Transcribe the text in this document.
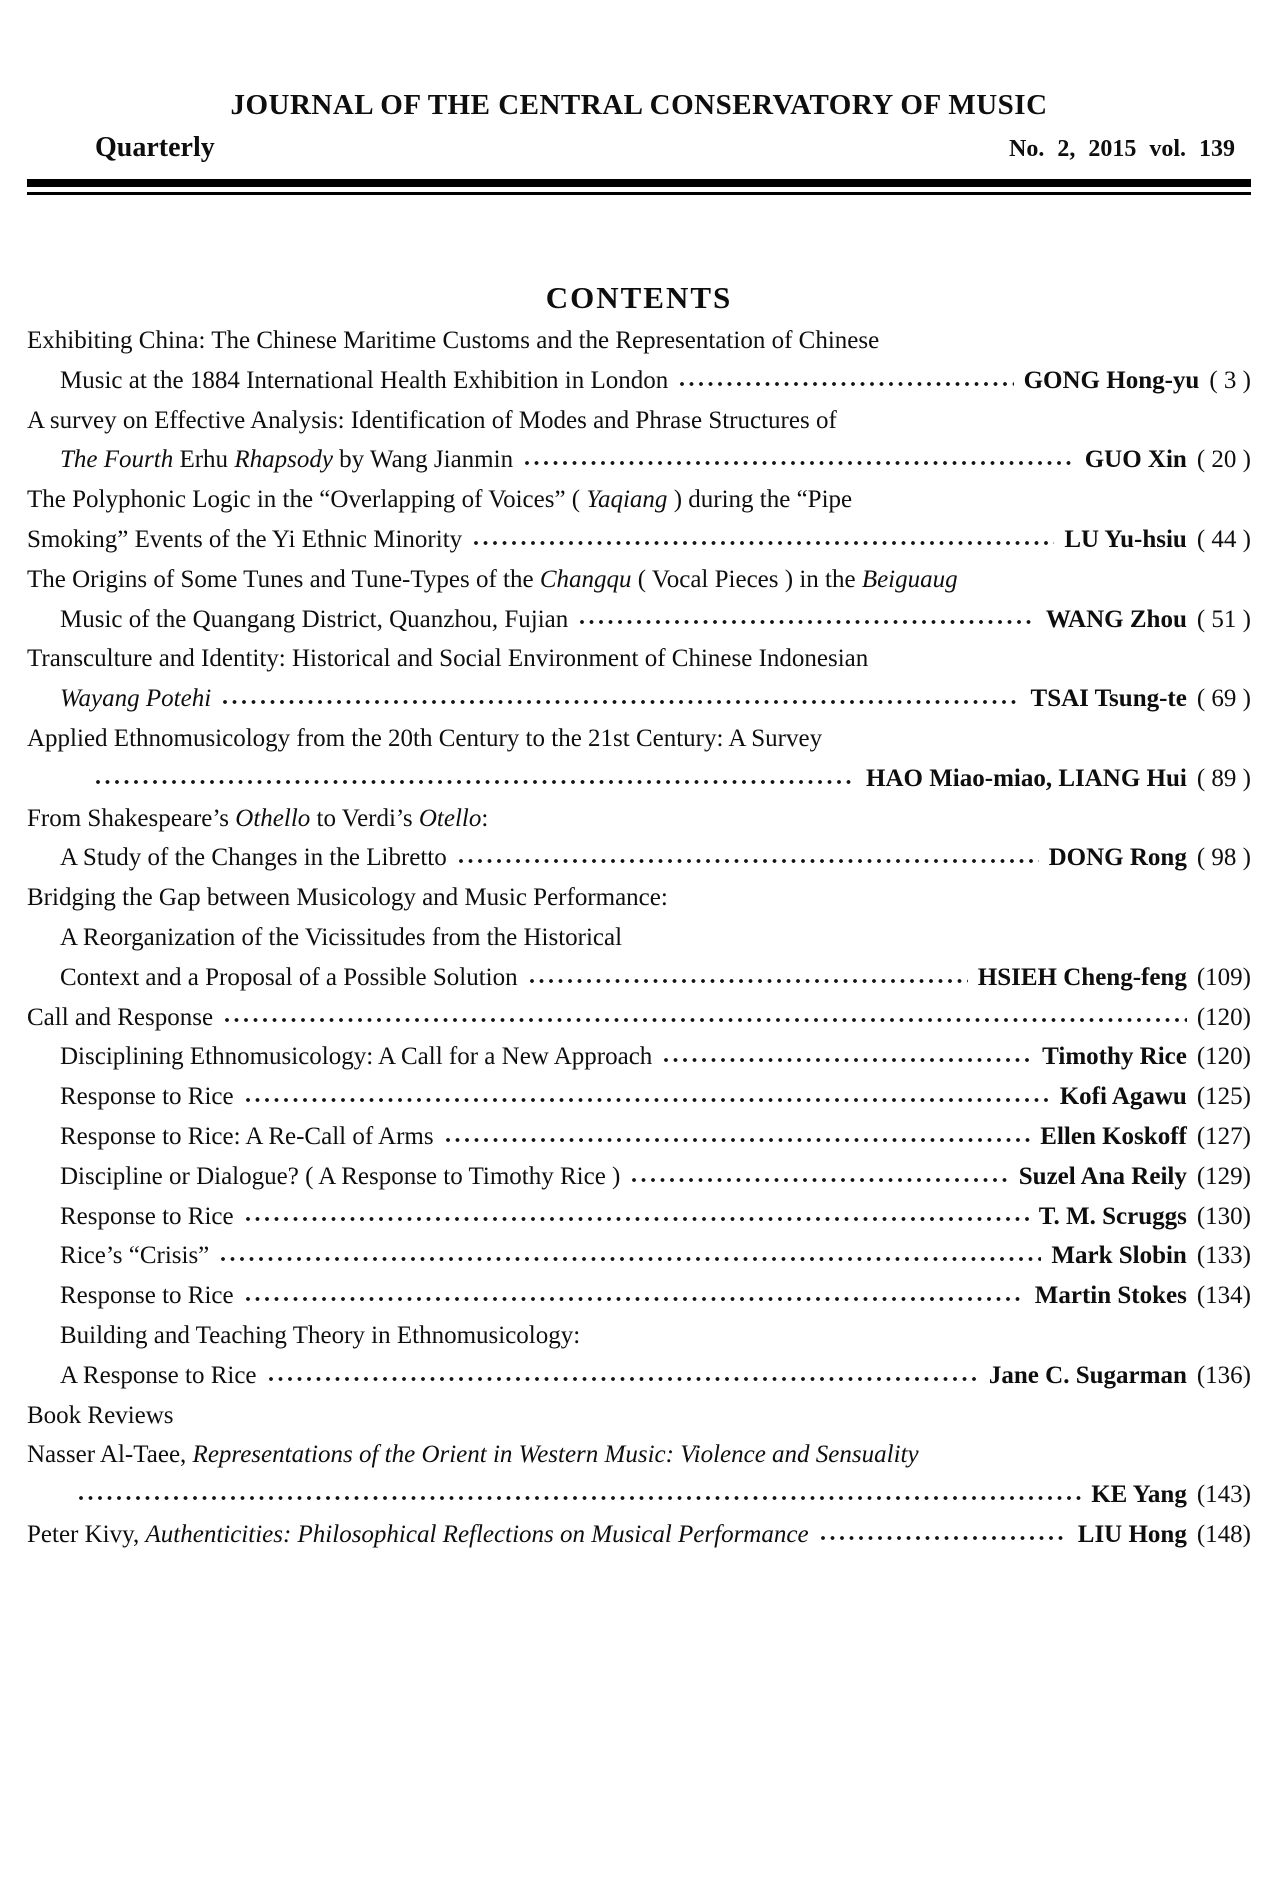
JOURNAL OF THE CENTRAL CONSERVATORY OF MUSIC
Quarterly	No. 2, 2015 vol. 139
CONTENTS
Exhibiting China: The Chinese Maritime Customs and the Representation of Chinese
Music at the 1884 International Health Exhibition in London	GONG Hong-yu ( 3 )
A survey on Effective Analysis: Identification of Modes and Phrase Structures of
The Fourth Erhu Rhapsody by Wang Jianmin	GUO Xin ( 20 )
The Polyphonic Logic in the “Overlapping of Voices” ( Yaqiang ) during the “Pipe
Smoking” Events of the Yi Ethnic Minority	LU Yu-hsiu ( 44 )
The Origins of Some Tunes and Tune-Types of the Changqu ( Vocal Pieces ) in the Beiguaug
Music of the Quangang District, Quanzhou, Fujian	WANG Zhou ( 51 )
Transculture and Identity: Historical and Social Environment of Chinese Indonesian
Wayang Potehi	TSAI Tsung-te ( 69 )
Applied Ethnomusicology from the 20th Century to the 21st Century: A Survey
HAO Miao-miao, LIANG Hui ( 89 )
From Shakespeare’s Othello to Verdi’s Otello:
A Study of the Changes in the Libretto	DONG Rong ( 98 )
Bridging the Gap between Musicology and Music Performance:
A Reorganization of the Vicissitudes from the Historical
Context and a Proposal of a Possible Solution	HSIEH Cheng-feng (109)
Call and Response	(120)
Disciplining Ethnomusicology: A Call for a New Approach	Timothy Rice (120)
Response to Rice	Kofi Agawu (125)
Response to Rice: A Re-Call of Arms	Ellen Koskoff (127)
Discipline or Dialogue? ( A Response to Timothy Rice )	Suzel Ana Reily (129)
Response to Rice	T. M. Scruggs (130)
Rice’s “Crisis”	Mark Slobin (133)
Response to Rice	Martin Stokes (134)
Building and Teaching Theory in Ethnomusicology:
A Response to Rice	Jane C. Sugarman (136)
Book Reviews
Nasser Al-Taee, Representations of the Orient in Western Music: Violence and Sensuality
KE Yang (143)
Peter Kivy, Authenticities: Philosophical Reflections on Musical Performance	LIU Hong (148)
